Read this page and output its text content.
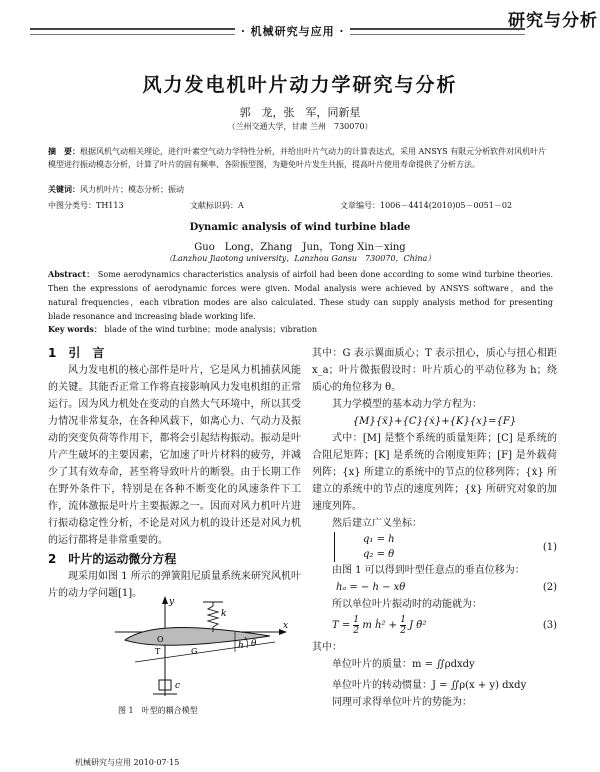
· 机械研究与应用 ·
研究与分析
风力发电机叶片动力学研究与分析
郭　龙，张　军，同新星
（兰州交通大学，甘肃 兰州　730070）
摘　要：根据风机气动相关理论，进行叶素空气动力学特性分析，并给出叶片气动力的计算表达式，采用 ANSYS 有限元分析软件对风机叶片模型进行振动模态分析，计算了叶片的固有频率、各阶振型图，为避免叶片发生共振，提高叶片使用寿命提供了分析方法。
关键词：风力机叶片；模态分析；振动
中图分类号：TH113	文献标识码：A	文章编号：1006－4414(2010)05－0051－02
Dynamic analysis of wind turbine blade
Guo　Long，Zhang　Jun，Tong Xin－xing
（Lanzhou Jiaotong university，Lanzhou Gansu　730070，China）
Abstract： Some aerodynamics characteristics analysis of airfoil had been done according to some wind turbine theories. Then the expressions of aerodynamic forces were given. Modal analysis were achieved by ANSYS software，and the natural frequencies，each vibration modes are also calculated. These study can supply analysis method for presenting blade resonance and increasing blade working life.
Key words： blade of the wind turbine；mode analysis；vibration
1　引　言
风力发电机的核心部件是叶片，它是风力机捕获风能的关键。其能否正常工作将直接影响风力发电机组的正常运行。因为风力机处在变动的自然大气环境中，所以其受力情况非常复杂，在各种风载下，如离心力、气动力及振动的突变负荷等作用下，都将会引起结构振动。振动是叶片产生破坏的主要因素，它加速了叶片材料的疲劳，并减少了其有效寿命，甚至将导致叶片的断裂。由于长期工作在野外条件下，特别是在各种不断变化的风速条件下工作，流体激振是叶片主要振源之一。因而对风力机叶片进行振动稳定性分析，不论是对风力机的设计还是对风力机的运行都将是非常重要的。
2　叶片的运动微分方程
现采用如图 1 所示的弹簧阻尼质量系统来研究风机叶片的动力学问题[1]。
y
x
k
h θ
c
G
T
O
图 1　叶型的耦合模型
其中：G 表示翼面质心；T 表示扭心，质心与扭心相距 x_a；叶片微振假设时：叶片质心的平动位移为 h；绕质心的角位移为 θ。
其力学模型的基本动力学方程为：
{M}{ẍ}+{C}{ẋ}+{K}{x}={F}
式中：[M] 是整个系统的质量矩阵；[C] 是系统的合阻尼矩阵；[K] 是系统的合刚度矩阵；[F] 是外载荷列阵；{x} 所建立的系统中的节点的位移列阵；{ẋ} 所建立的系统中的节点的速度列阵；{ẍ} 所研究对象的加速度列阵。
然后建立广义坐标：
q₁ = h
q₂ = θ
(1)
由图 1 可以得到叶型任意点的垂直位移为：
hₐ = − h − xθ	(2)
所以单位叶片振动时的动能就为：
$T = \frac{1}{2}$ m ḣ² + $\frac{1}{2}$ J θ̇²	(3)
其中：
单位叶片的质量：m = ∬ρdxdy
单位叶片的转动惯量：J = ∬ρ(x + y) dxdy
同理可求得单位叶片的势能为：
机械研究与应用 2010·07·15
